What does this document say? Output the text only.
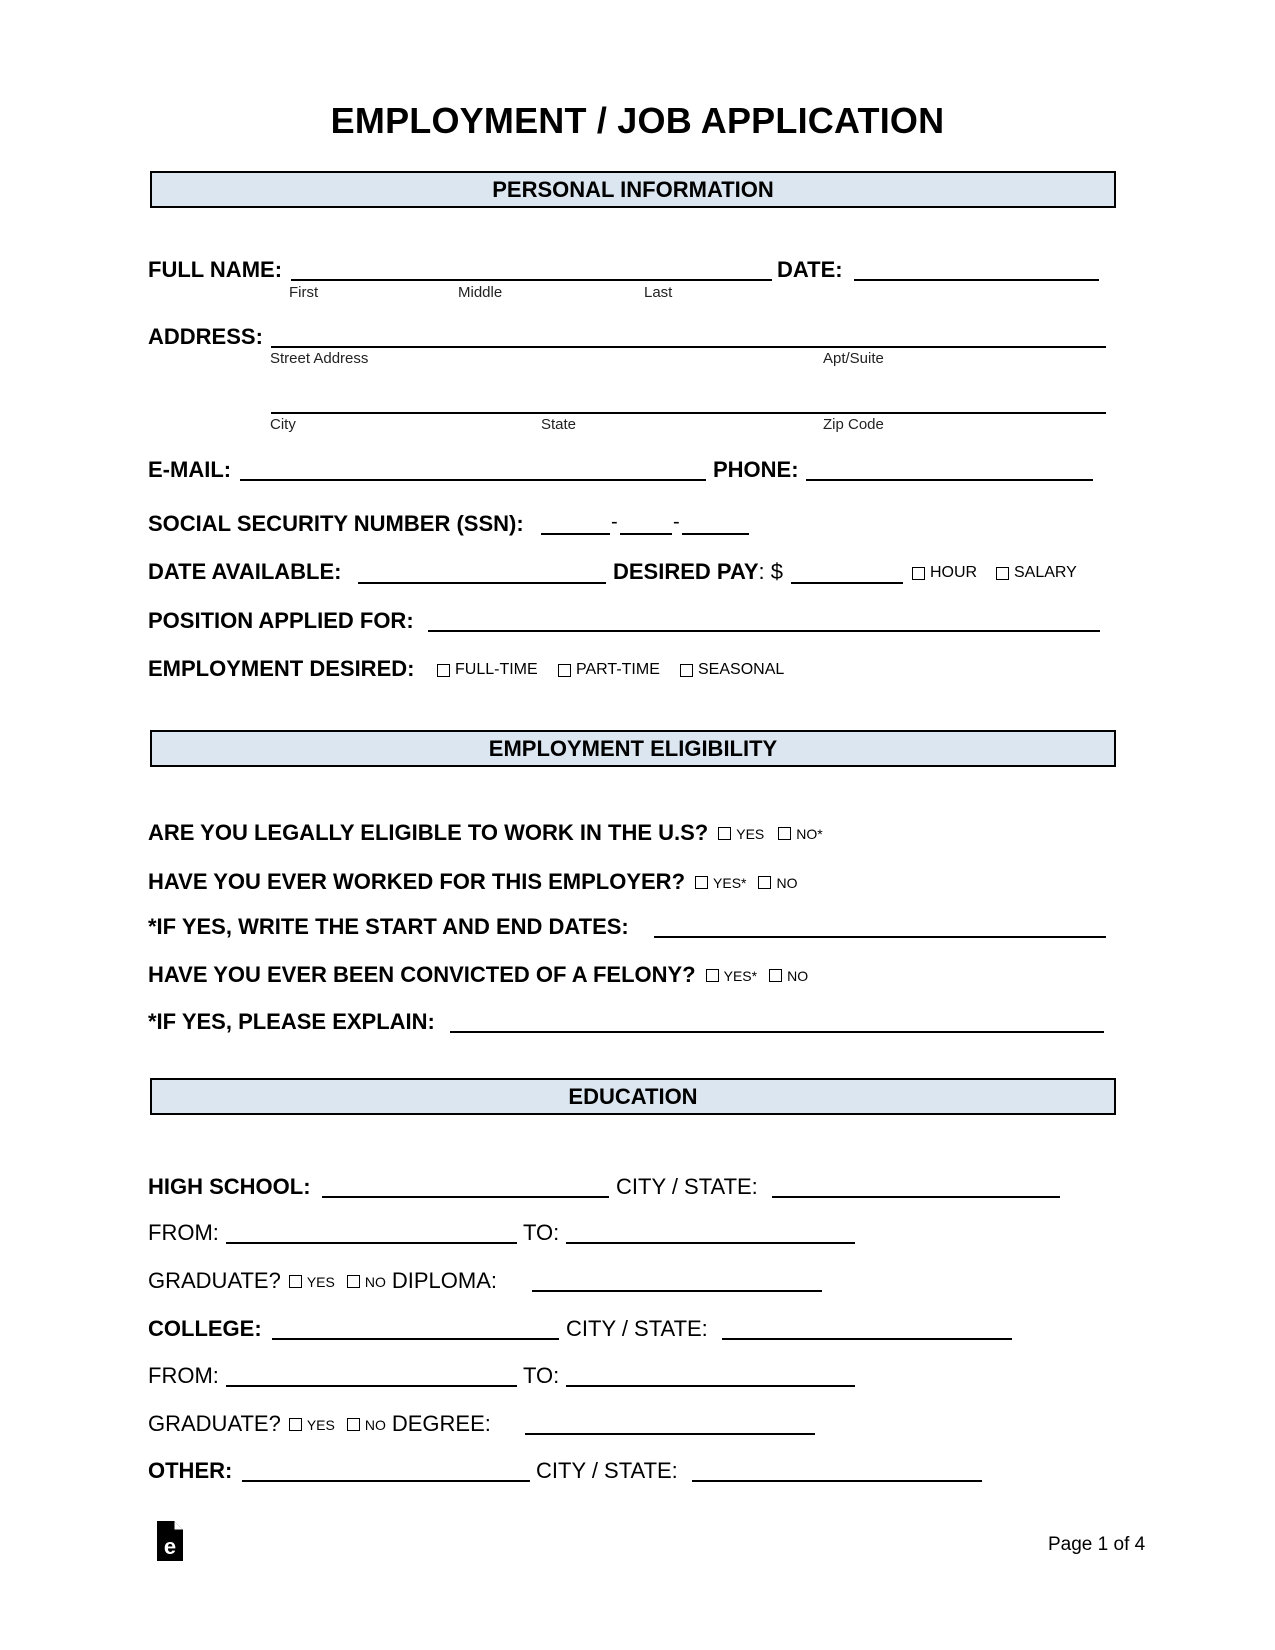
EMPLOYMENT / JOB APPLICATION
PERSONAL INFORMATION
FULL NAME:
First	Middle	Last
DATE:
ADDRESS:
Street Address	Apt/Suite
City	State	Zip Code
E-MAIL:	PHONE:
SOCIAL SECURITY NUMBER (SSN):	-	-
DATE AVAILABLE:	DESIRED PAY : $	HOUR SALARY
POSITION APPLIED FOR:
EMPLOYMENT DESIRED:	FULL-TIME PART-TIME SEASONAL
EMPLOYMENT ELIGIBILITY
ARE YOU LEGALLY ELIGIBLE TO WORK IN THE U.S? YES NO*
HAVE YOU EVER WORKED FOR THIS EMPLOYER? YES* NO
*IF YES, WRITE THE START AND END DATES:
HAVE YOU EVER BEEN CONVICTED OF A FELONY? YES* NO
*IF YES, PLEASE EXPLAIN:
EDUCATION
HIGH SCHOOL:	CITY / STATE:
FROM:	TO:
GRADUATE? YES NO DIPLOMA:
COLLEGE:	CITY / STATE:
FROM:	TO:
GRADUATE? YES NO DEGREE:
OTHER:	CITY / STATE:
e	Page 1 of 4
